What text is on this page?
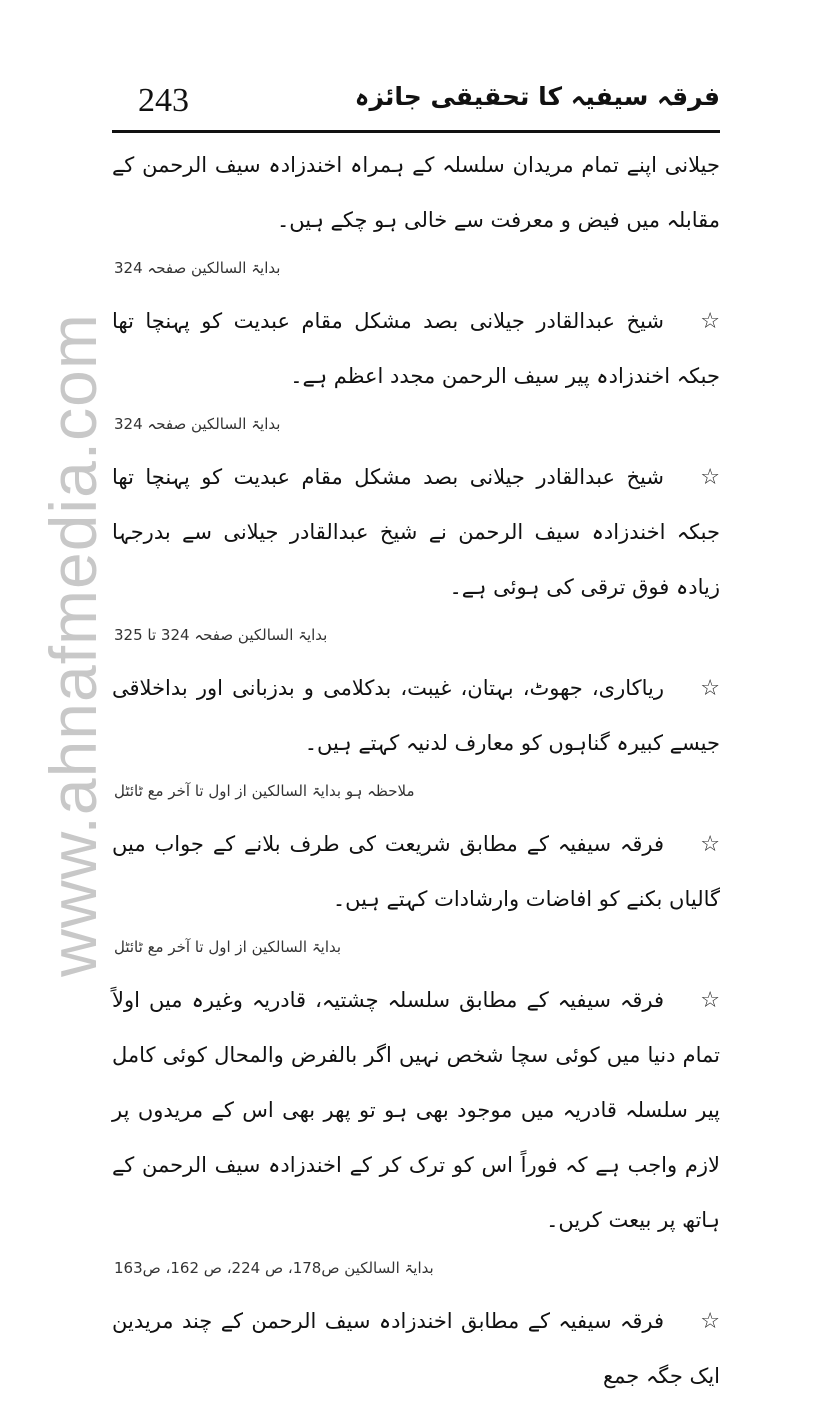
www.ahnafmedia.com
243	فرقہ سیفیہ کا تحقیقی جائزہ

جیلانی اپنے تمام مریدان سلسلہ کے ہمراہ اخندزادہ سیف الرحمن کے مقابلہ میں فیض و معرفت سے خالی ہو چکے ہیں۔

بدایۃ السالکین صفحہ 324

☆شیخ عبدالقادر جیلانی بصد مشکل مقام عبدیت کو پہنچا تھا جبکہ اخندزادہ پیر سیف الرحمن مجدد اعظم ہے۔

بدایۃ السالکین صفحہ 324

☆شیخ عبدالقادر جیلانی بصد مشکل مقام عبدیت کو پہنچا تھا جبکہ اخندزادہ سیف الرحمن نے شیخ عبدالقادر جیلانی سے بدرجہا زیادہ فوق ترقی کی ہوئی ہے۔

بدایۃ السالکین صفحہ 324 تا 325

☆ریاکاری، جھوٹ، بہتان، غیبت، بدکلامی و بدزبانی اور بداخلاقی جیسے کبیرہ گناہوں کو معارف لدنیہ کہتے ہیں۔

ملاحظہ ہو بدایۃ السالکین از اول تا آخر مع ٹائٹل

☆فرقہ سیفیہ کے مطابق شریعت کی طرف بلانے کے جواب میں گالیاں بکنے کو افاضات وارشادات کہتے ہیں۔

بدایۃ السالکین از اول تا آخر مع ٹائٹل

☆فرقہ سیفیہ کے مطابق سلسلہ چشتیہ، قادریہ وغیرہ میں اولاً تمام دنیا میں کوئی سچا شخص نہیں اگر بالفرض والمحال کوئی کامل پیر سلسلہ قادریہ میں موجود بھی ہو تو پھر بھی اس کے مریدوں پر لازم واجب ہے کہ فوراً اس کو ترک کر کے اخندزادہ سیف الرحمن کے ہاتھ پر بیعت کریں۔

بدایۃ السالکین ص178، ص 224، ص 162، ص163

☆فرقہ سیفیہ کے مطابق اخندزادہ سیف الرحمن کے چند مریدین ایک جگہ جمع
